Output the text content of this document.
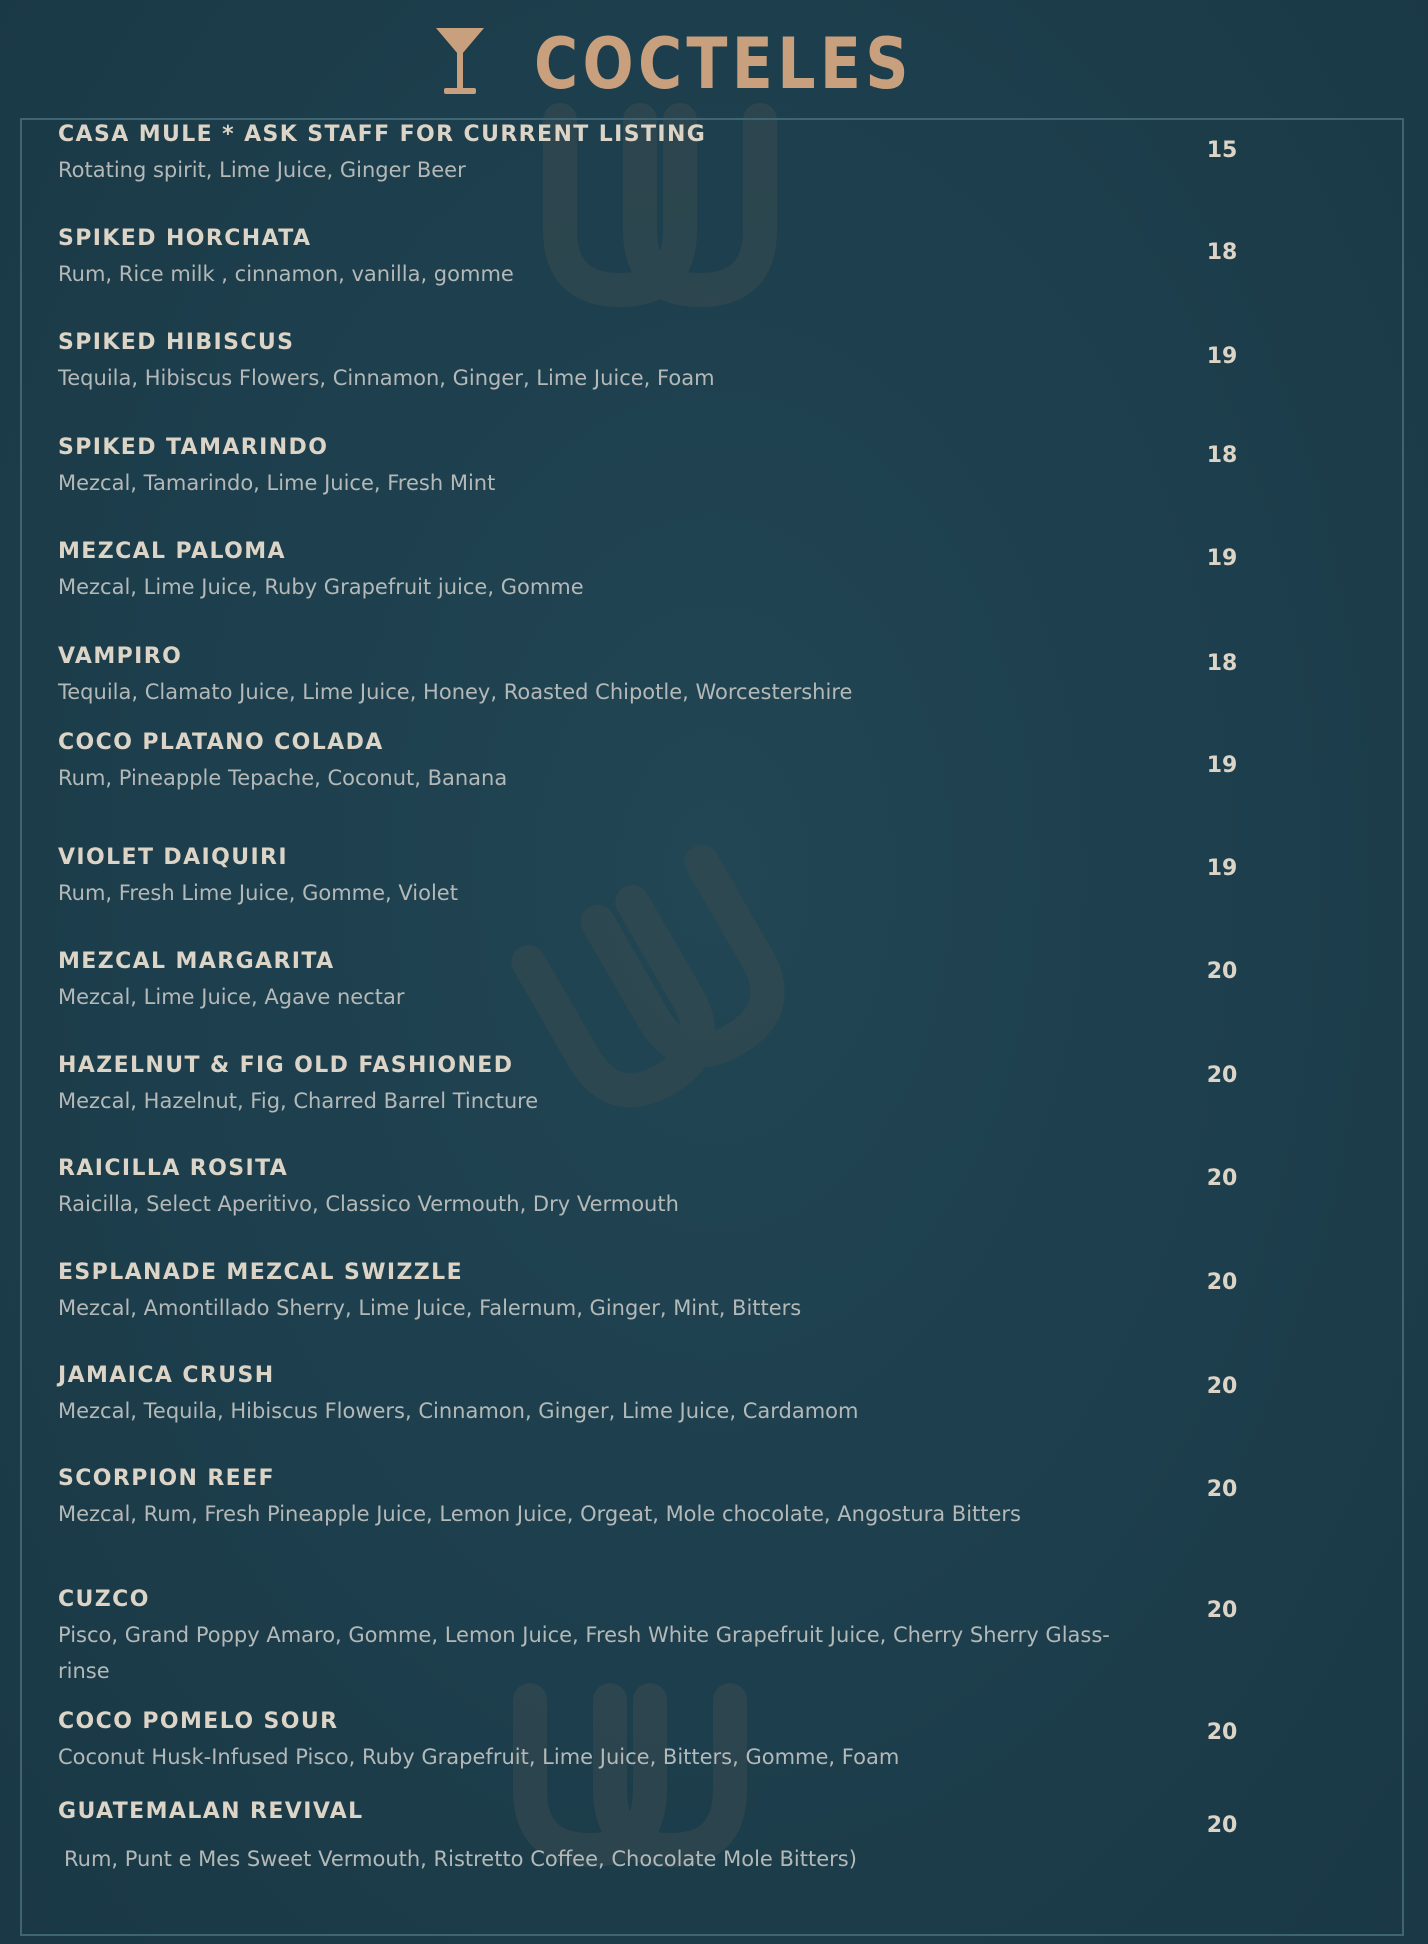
COCTELES
CASA MULE * ASK STAFF FOR CURRENT LISTING
Rotating spirit, Lime Juice, Ginger Beer
15
SPIKED HORCHATA
Rum, Rice milk , cinnamon, vanilla, gomme
18
SPIKED HIBISCUS
Tequila, Hibiscus Flowers, Cinnamon, Ginger, Lime Juice, Foam
19
SPIKED TAMARINDO
Mezcal, Tamarindo, Lime Juice, Fresh Mint
18
MEZCAL PALOMA
Mezcal, Lime Juice, Ruby Grapefruit juice, Gomme
19
VAMPIRO
Tequila, Clamato Juice, Lime Juice, Honey, Roasted Chipotle, Worcestershire
18
COCO PLATANO COLADA
Rum, Pineapple Tepache, Coconut, Banana	19
VIOLET DAIQUIRI
Rum, Fresh Lime Juice, Gomme, Violet
19
MEZCAL MARGARITA
Mezcal, Lime Juice, Agave nectar
20
HAZELNUT & FIG OLD FASHIONED
Mezcal, Hazelnut, Fig, Charred Barrel Tincture
20
RAICILLA ROSITA
Raicilla, Select Aperitivo, Classico Vermouth, Dry Vermouth
20
ESPLANADE MEZCAL SWIZZLE
Mezcal, Amontillado Sherry, Lime Juice, Falernum, Ginger, Mint, Bitters
20
JAMAICA CRUSH
Mezcal, Tequila, Hibiscus Flowers, Cinnamon, Ginger, Lime Juice, Cardamom
20
SCORPION REEF
Mezcal, Rum, Fresh Pineapple Juice, Lemon Juice, Orgeat, Mole chocolate, Angostura Bitters
20
CUZCO
Pisco, Grand Poppy Amaro, Gomme, Lemon Juice, Fresh White Grapefruit Juice, Cherry Sherry Glass-rinse
20
COCO POMELO SOUR
Coconut Husk-Infused Pisco, Ruby Grapefruit, Lime Juice, Bitters, Gomme, Foam
20
GUATEMALAN REVIVAL
Rum, Punt e Mes Sweet Vermouth, Ristretto Coffee, Chocolate Mole Bitters)
20
